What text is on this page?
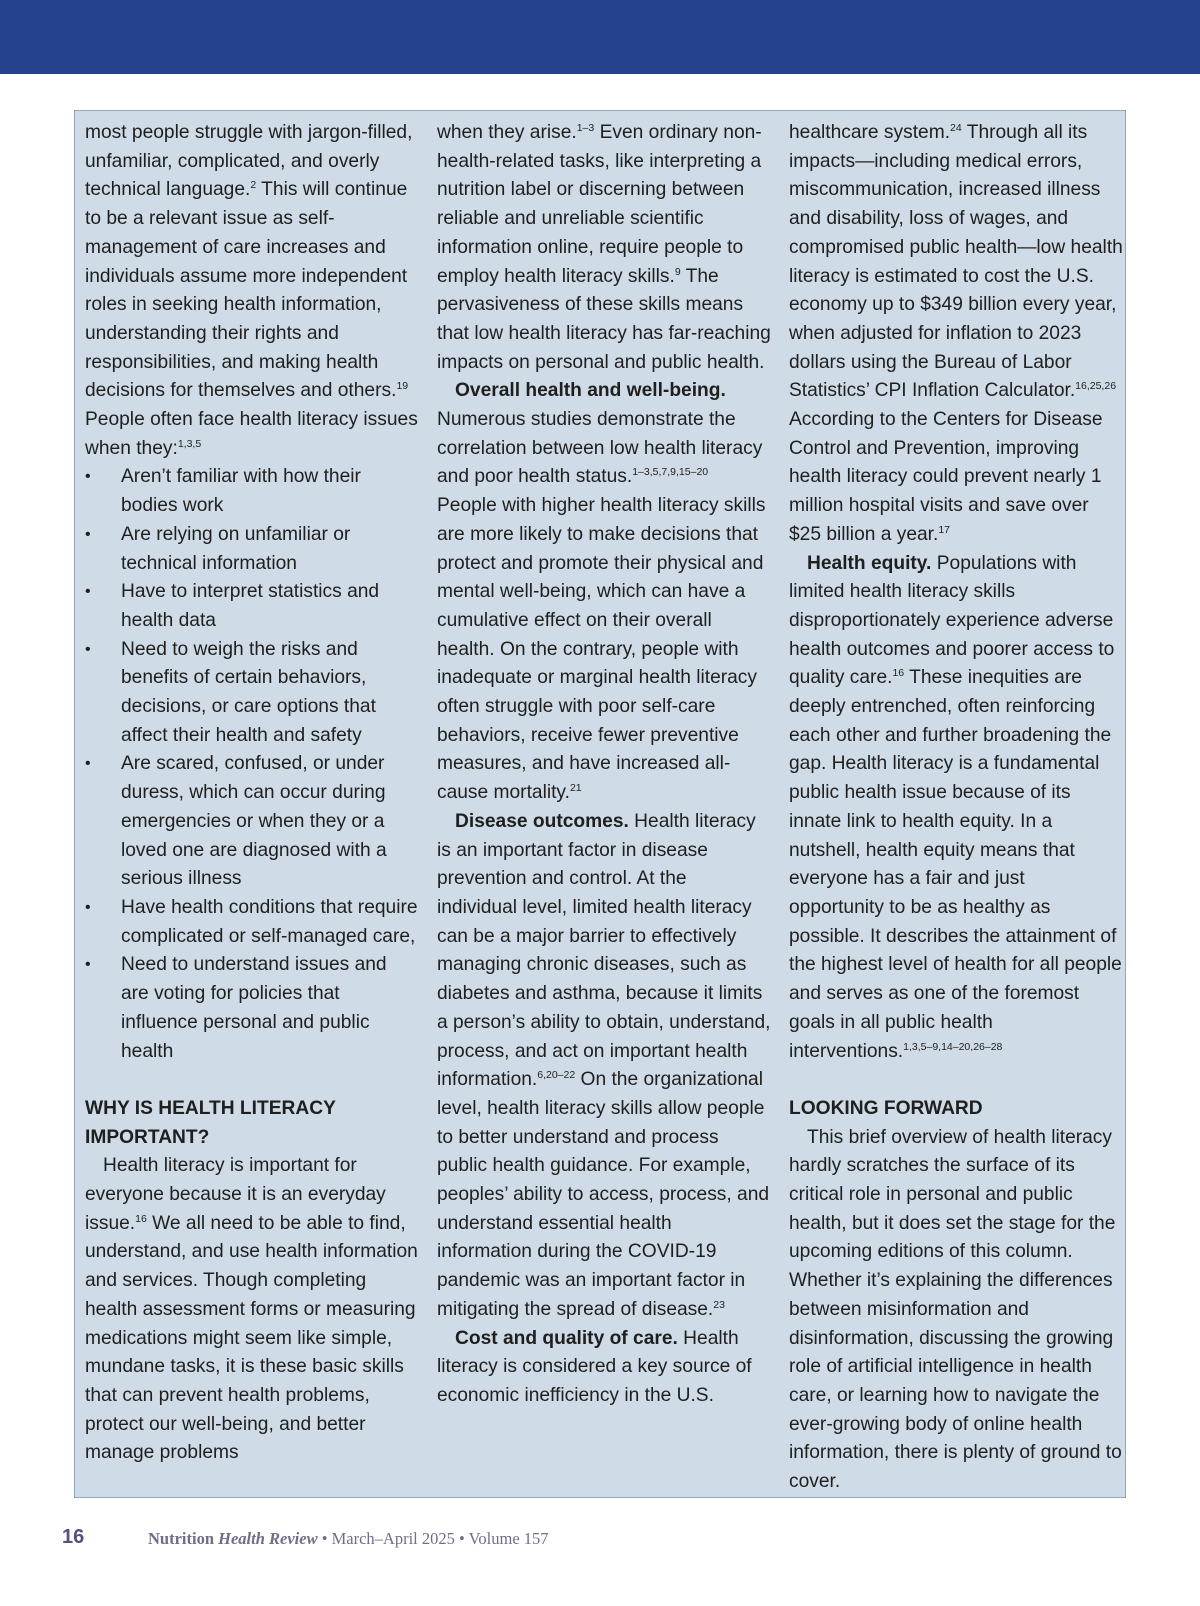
most people struggle with jargon-filled, unfamiliar, complicated, and overly technical language.$^2$ This will continue to be a relevant issue as self-management of care increases and individuals assume more independent roles in seeking health information, understanding their rights and responsibilities, and making health decisions for themselves and others.$^{19}$ People often face health literacy issues when they:$^{1,3,5}$

• Aren’t familiar with how their bodies work
• Are relying on unfamiliar or technical information
• Have to interpret statistics and health data
• Need to weigh the risks and benefits of certain behaviors, decisions, or care options that affect their health and safety
• Are scared, confused, or under duress, which can occur during emergencies or when they or a loved one are diagnosed with a serious illness
• Have health conditions that require complicated or self-managed care,
• Need to understand issues and are voting for policies that influence personal and public health

WHY IS HEALTH LITERACY
IMPORTANT?

Health literacy is important for everyone because it is an everyday issue.$^{16}$ We all need to be able to find, understand, and use health information and services. Though completing health assessment forms or measuring medications might seem like simple, mundane tasks, it is these basic skills that can prevent health problems, protect our well-being, and better manage problems

when they arise.$^{1-3}$ Even ordinary non-health-related tasks, like interpreting a nutrition label or discerning between reliable and unreliable scientific information online, require people to employ health literacy skills.$^9$ The pervasiveness of these skills means that low health literacy has far-reaching impacts on personal and public health.

Overall health and well-being. Numerous studies demonstrate the correlation between low health literacy and poor health status.$^{1-3,5,7,9,15-20}$ People with higher health literacy skills are more likely to make decisions that protect and promote their physical and mental well-being, which can have a cumulative effect on their overall health. On the contrary, people with inadequate or marginal health literacy often struggle with poor self-care behaviors, receive fewer preventive measures, and have increased all-cause mortality.$^{21}$

Disease outcomes. Health literacy is an important factor in disease prevention and control. At the individual level, limited health literacy can be a major barrier to effectively managing chronic diseases, such as diabetes and asthma, because it limits a person’s ability to obtain, understand, process, and act on important health information.$^{6,20-22}$ On the organizational level, health literacy skills allow people to better understand and process public health guidance. For example, peoples’ ability to access, process, and understand essential health information during the COVID-19 pandemic was an important factor in mitigating the spread of disease.$^{23}$

Cost and quality of care. Health literacy is considered a key source of economic inefficiency in the U.S.

healthcare system.$^{24}$ Through all its impacts—including medical errors, miscommunication, increased illness and disability, loss of wages, and compromised public health—low health literacy is estimated to cost the U.S. economy up to $349 billion every year, when adjusted for inflation to 2023 dollars using the Bureau of Labor Statistics’ CPI Inflation Calculator.$^{16,25,26}$ According to the Centers for Disease Control and Prevention, improving health literacy could prevent nearly 1 million hospital visits and save over $25 billion a year.$^{17}$

Health equity. Populations with limited health literacy skills disproportionately experience adverse health outcomes and poorer access to quality care.$^{16}$ These inequities are deeply entrenched, often reinforcing each other and further broadening the gap. Health literacy is a fundamental public health issue because of its innate link to health equity. In a nutshell, health equity means that everyone has a fair and just opportunity to be as healthy as possible. It describes the attainment of the highest level of health for all people and serves as one of the foremost goals in all public health interventions.$^{1,3,5-9,14-20,26-28}$

LOOKING FORWARD

This brief overview of health literacy hardly scratches the surface of its critical role in personal and public health, but it does set the stage for the upcoming editions of this column. Whether it’s explaining the differences between misinformation and disinformation, discussing the growing role of artificial intelligence in health care, or learning how to navigate the ever-growing body of online health information, there is plenty of ground to cover.

16	Nutrition Health Review • March–April 2025 • Volume 157
